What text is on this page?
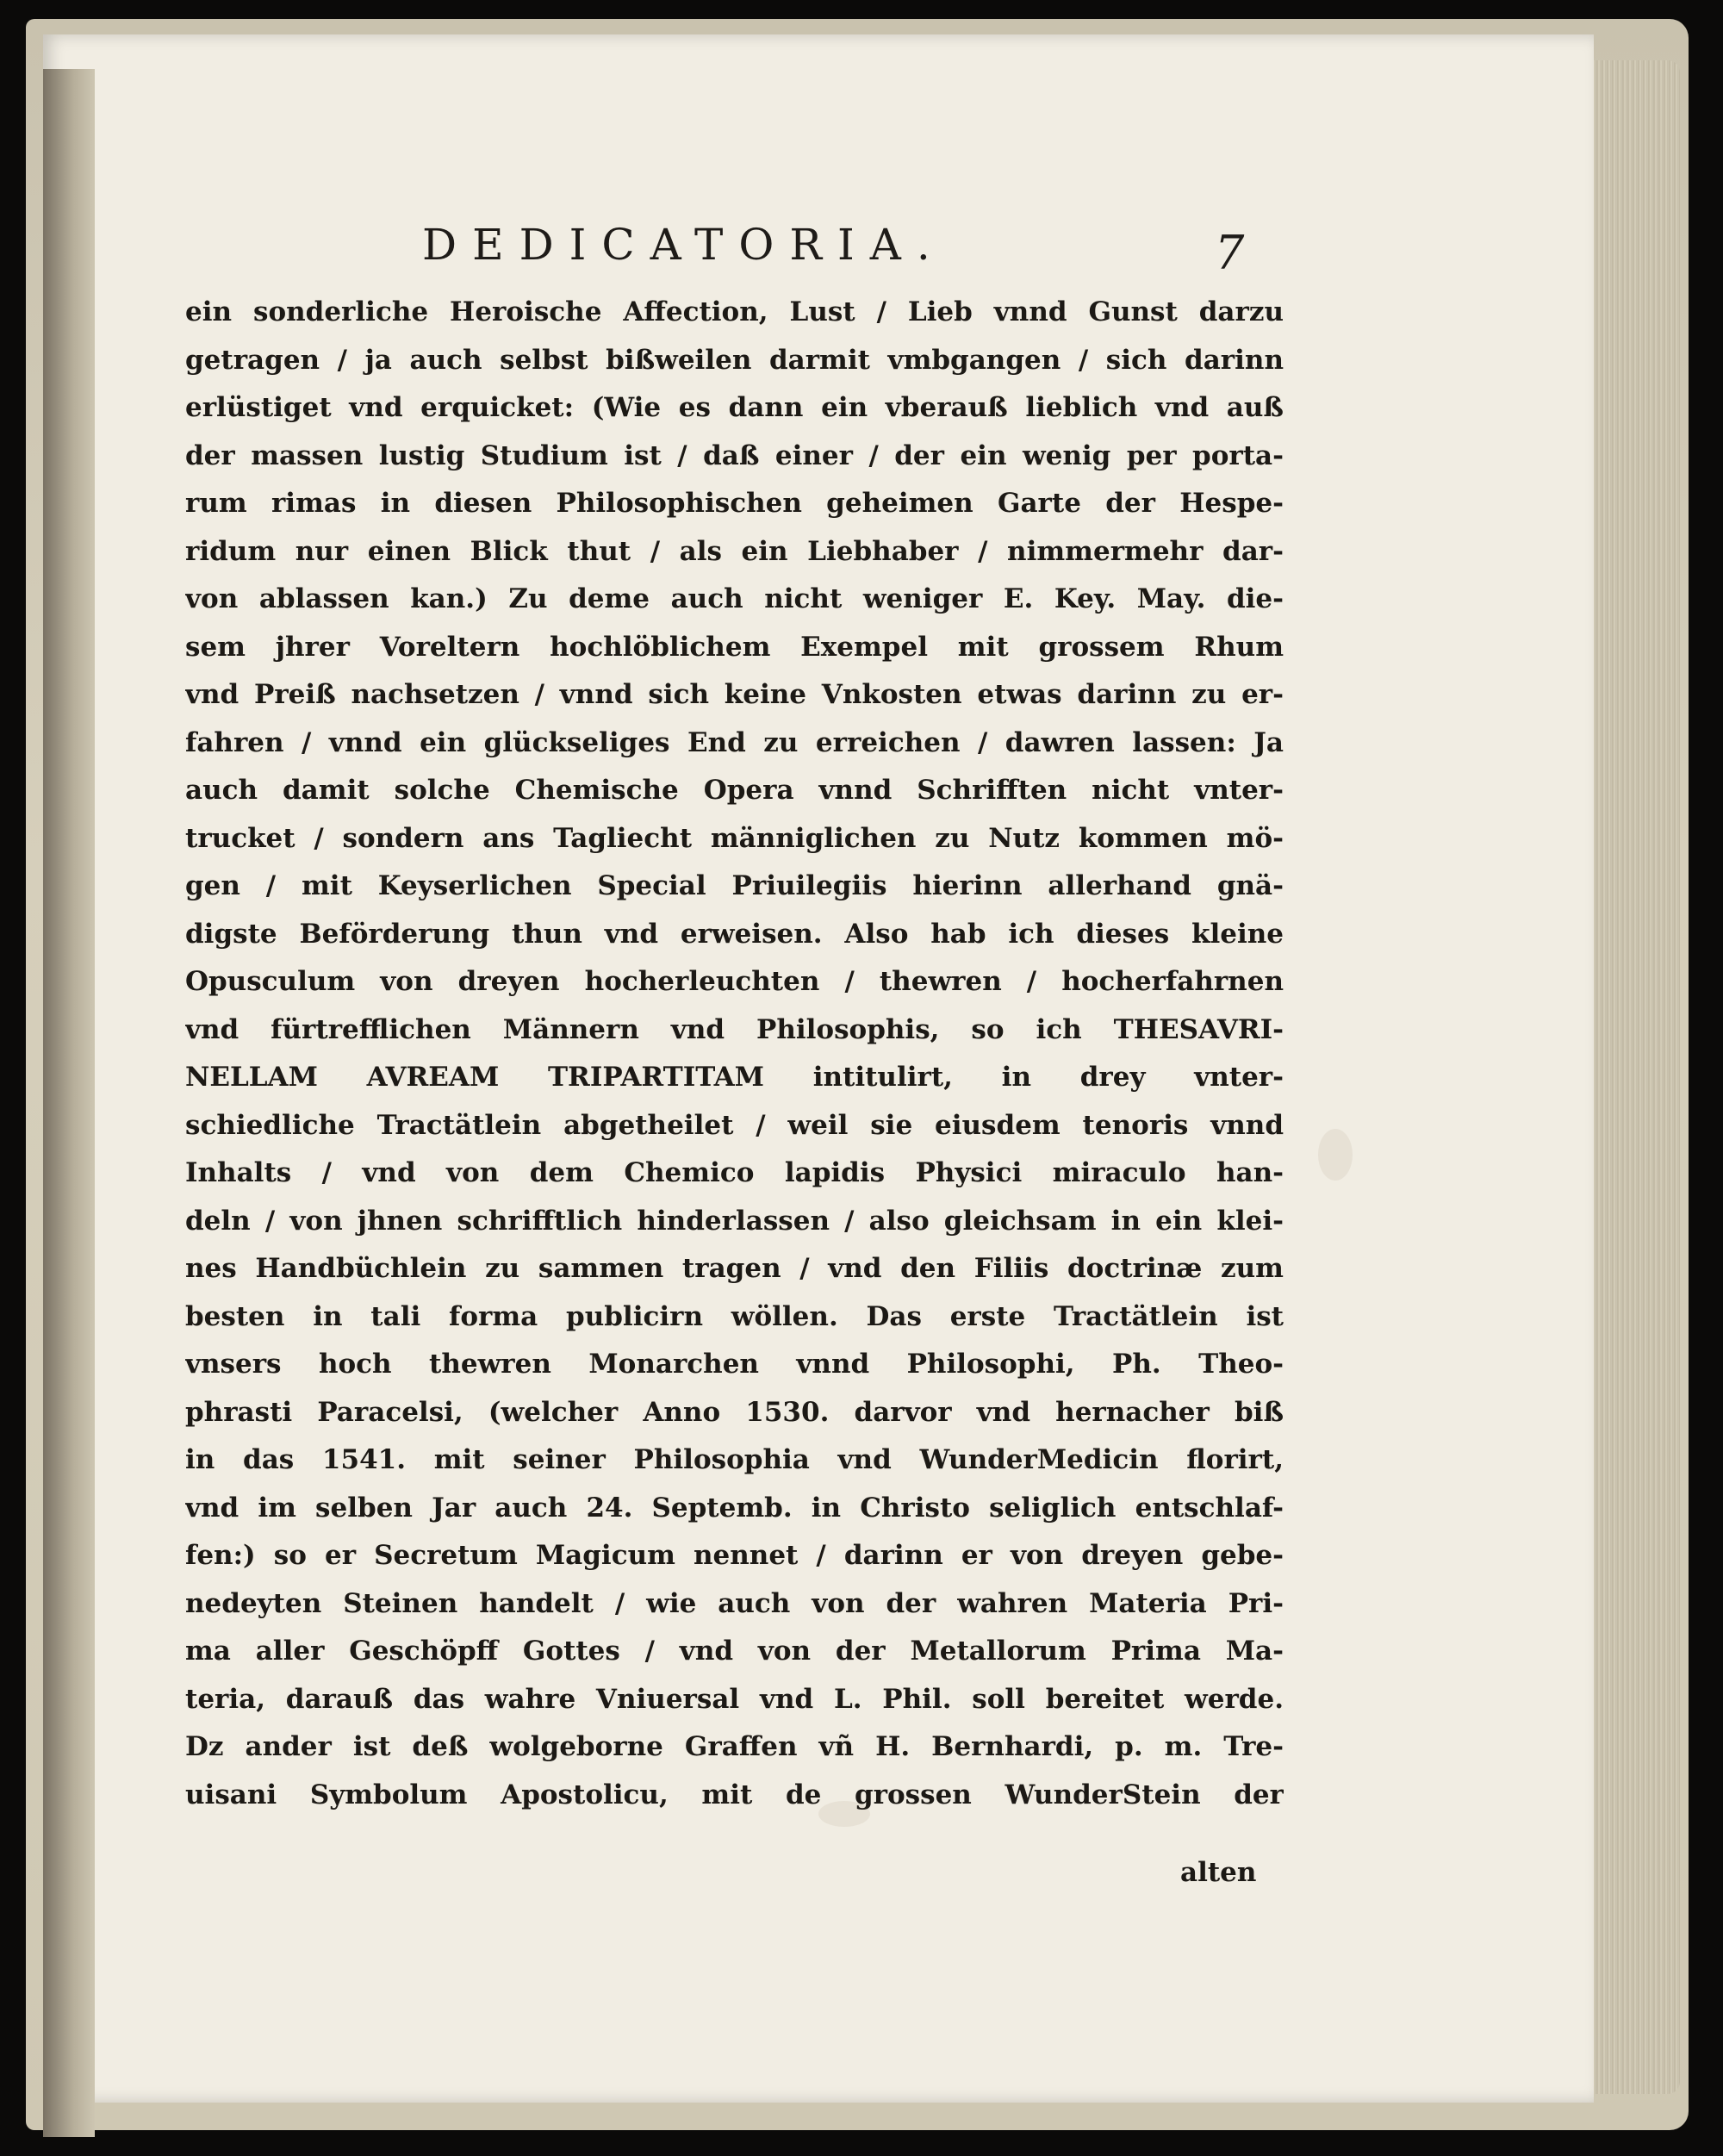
DEDICATORIA.	7
ein sonderliche Heroische Affection, Lust / Lieb vnnd Gunst darzu
getragen / ja auch selbst bißweilen darmit vmbgangen / sich darinn
erlüstiget vnd erquicket: (Wie es dann ein vberauß lieblich vnd auß
der massen lustig Studium ist / daß einer / der ein wenig per porta-
rum rimas in diesen Philosophischen geheimen Garte der Hespe-
ridum nur einen Blick thut / als ein Liebhaber / nimmermehr dar-
von ablassen kan.) Zu deme auch nicht weniger E. Key. May. die-
sem jhrer Voreltern hochlöblichem Exempel mit grossem Rhum
vnd Preiß nachsetzen / vnnd sich keine Vnkosten etwas darinn zu er-
fahren / vnnd ein glückseliges End zu erreichen / dawren lassen: Ja
auch damit solche Chemische Opera vnnd Schrifften nicht vnter-
trucket / sondern ans Tagliecht männiglichen zu Nutz kommen mö-
gen / mit Keyserlichen Special Priuilegiis hierinn allerhand gnä-
digste Beförderung thun vnd erweisen. Also hab ich dieses kleine
Opusculum von dreyen hocherleuchten / thewren / hocherfahrnen
vnd fürtrefflichen Männern vnd Philosophis, so ich THESAVRI-
NELLAM AVREAM TRIPARTITAM intitulirt, in drey vnter-
schiedliche Tractätlein abgetheilet / weil sie eiusdem tenoris vnnd
Inhalts / vnd von dem Chemico lapidis Physici miraculo han-
deln / von jhnen schrifftlich hinderlassen / also gleichsam in ein klei-
nes Handbüchlein zu sammen tragen / vnd den Filiis doctrinæ zum
besten in tali forma publicirn wöllen. Das erste Tractätlein ist
vnsers hoch thewren Monarchen vnnd Philosophi, Ph. Theo-
phrasti Paracelsi, (welcher Anno 1530. darvor vnd hernacher biß
in das 1541. mit seiner Philosophia vnd WunderMedicin florirt,
vnd im selben Jar auch 24. Septemb. in Christo seliglich entschlaf-
fen:) so er Secretum Magicum nennet / darinn er von dreyen gebe-
nedeyten Steinen handelt / wie auch von der wahren Materia Pri-
ma aller Geschöpff Gottes / vnd von der Metallorum Prima Ma-
teria, darauß das wahre Vniuersal vnd L. Phil. soll bereitet werde.
Dz ander ist deß wolgeborne Graffen vñ H. Bernhardi, p. m. Tre-
uisani Symbolum Apostolicu, mit de grossen WunderStein der
alten
